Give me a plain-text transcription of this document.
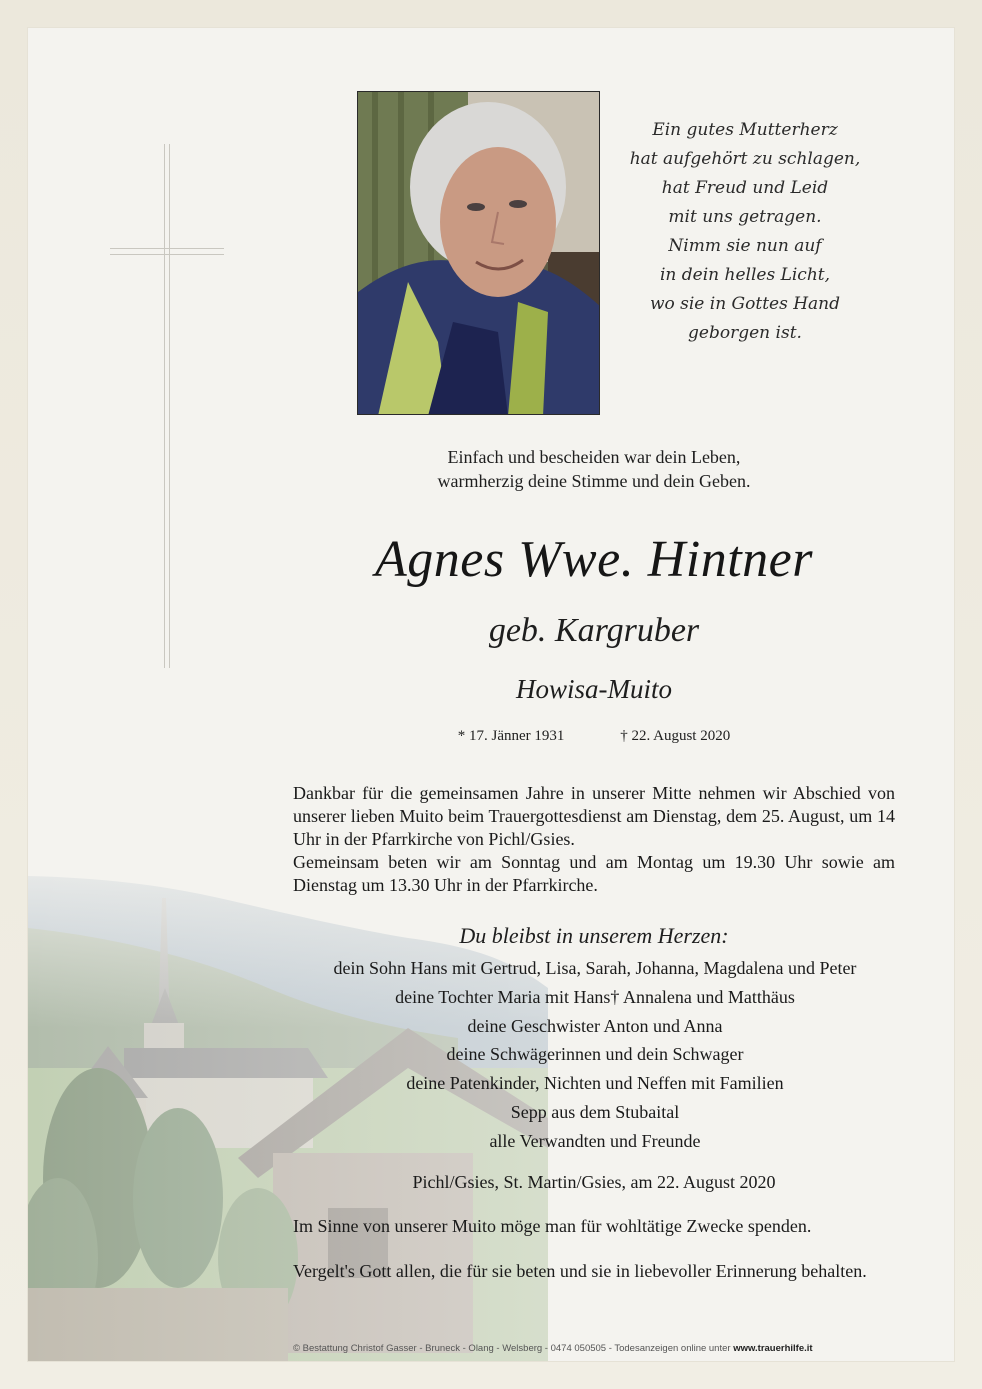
Ein gutes Mutterherz
hat aufgehört zu schlagen,
hat Freud und Leid
mit uns getragen.
Nimm sie nun auf
in dein helles Licht,
wo sie in Gottes Hand
geborgen ist.
Einfach und bescheiden war dein Leben,
warmherzig deine Stimme und dein Geben.
Agnes Wwe. Hintner
geb. Kargruber
Howisa-Muito
* 17. Jänner 1931	† 22. August 2020

Dankbar für die gemeinsamen Jahre in unserer Mitte nehmen wir Abschied von unserer lieben Muito beim Trauergottesdienst am Dienstag, dem 25. August, um 14 Uhr in der Pfarrkirche von Pichl/Gsies.

Gemeinsam beten wir am Sonntag und am Montag um 19.30 Uhr sowie am Dienstag um 13.30 Uhr in der Pfarrkirche.

Du bleibst in unserem Herzen:
dein Sohn Hans mit Gertrud, Lisa, Sarah, Johanna, Magdalena und Peter
deine Tochter Maria mit Hans† Annalena und Matthäus
deine Geschwister Anton und Anna
deine Schwägerinnen und dein Schwager
deine Patenkinder, Nichten und Neffen mit Familien
Sepp aus dem Stubaital
alle Verwandten und Freunde
Pichl/Gsies, St. Martin/Gsies, am 22. August 2020
Im Sinne von unserer Muito möge man für wohltätige Zwecke spenden.
Vergelt's Gott allen, die für sie beten und sie in liebevoller Erinnerung behalten.
© Bestattung Christof Gasser - Bruneck - Olang - Welsberg - 0474 050505 - Todesanzeigen online unter www.trauerhilfe.it
